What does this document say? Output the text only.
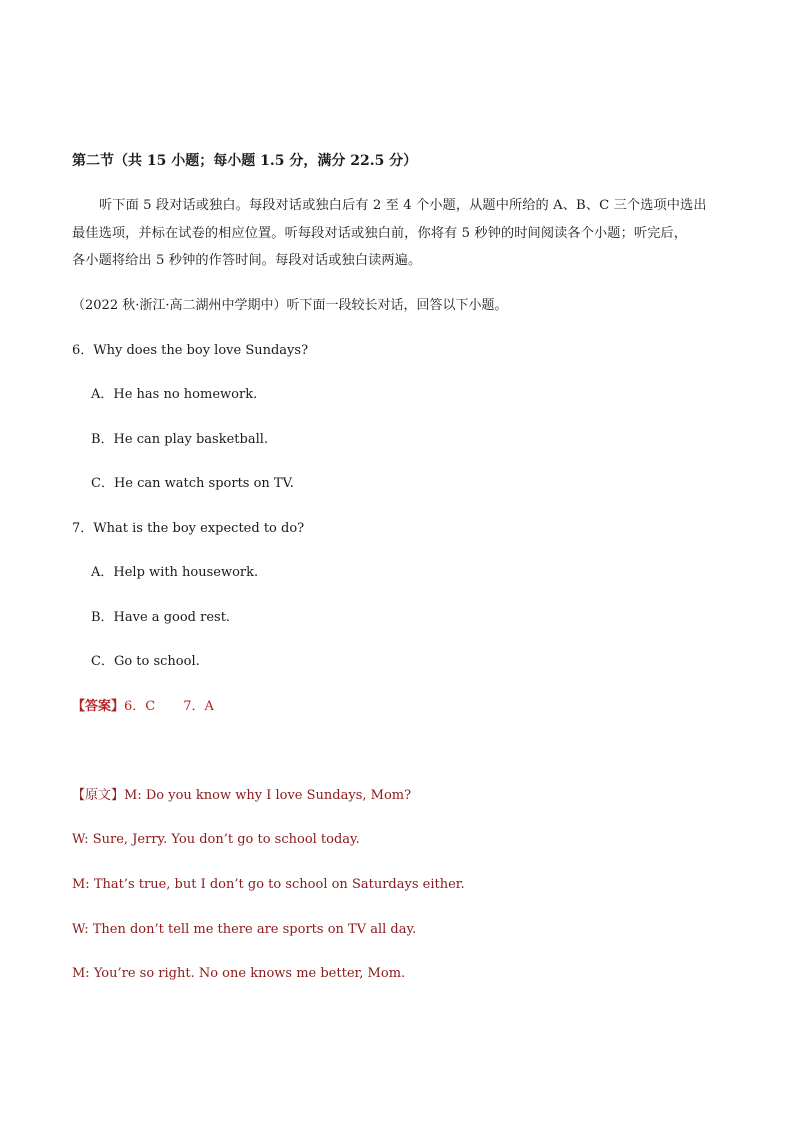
第二节（共 15 小题；每小题 1.5 分，满分 22.5 分）
听下面 5 段对话或独白。每段对话或独白后有 2 至 4 个小题，从题中所给的 A、B、C 三个选项中选出
最佳选项，并标在试卷的相应位置。听每段对话或独白前，你将有 5 秒钟的时间阅读各个小题；听完后，
各小题将给出 5 秒钟的作答时间。每段对话或独白读两遍。
（2022 秋·浙江·高二湖州中学期中）听下面一段较长对话，回答以下小题。
6．Why does the boy love Sundays?
A．He has no homework.
B．He can play basketball.
C．He can watch sports on TV.
7．What is the boy expected to do?
A．Help with housework.
B．Have a good rest.
C．Go to school.
【答案】6．C 7．A
【原文】M: Do you know why I love Sundays, Mom?
W: Sure, Jerry. You don’t go to school today.
M: That’s true, but I don’t go to school on Saturdays either.
W: Then don’t tell me there are sports on TV all day.
M: You’re so right. No one knows me better, Mom.
